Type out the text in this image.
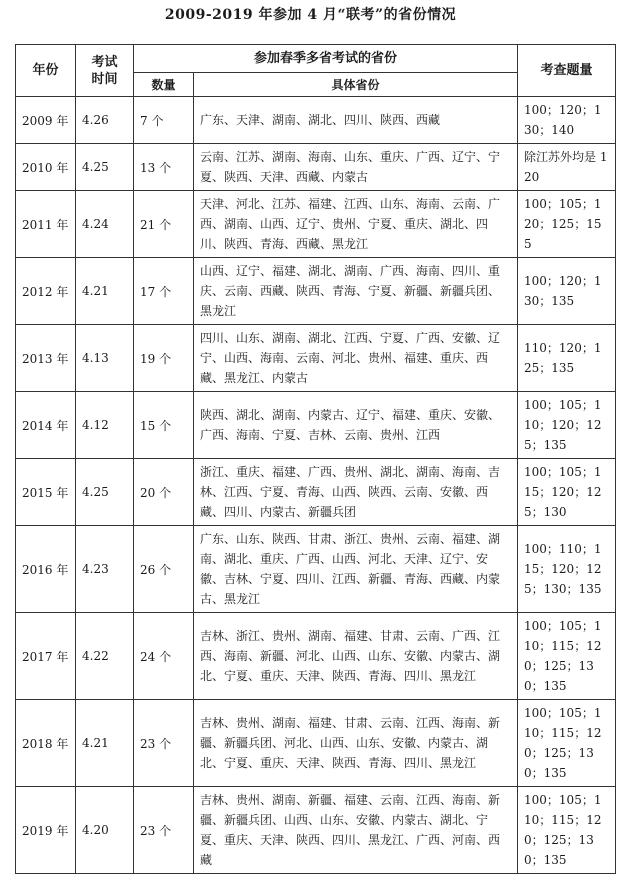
2009-2019 年参加 4 月“联考”的省份情况
年份	考试
时间	参加春季多省考试的省份		考查题量
		数量	具体省份	
2009 年	4.26	7 个	广东、天津、湖南、湖北、四川、陕西、西藏	100；120；130；140
2010 年	4.25	13 个	云南、江苏、湖南、海南、山东、重庆、广西、辽宁、宁夏、陕西、天津、西藏、内蒙古	除江苏外均是 120
2011 年	4.24	21 个	天津、河北、江苏、福建、江西、山东、海南、云南、广西、湖南、山西、辽宁、贵州、宁夏、重庆、湖北、四川、陕西、青海、西藏、黑龙江	100；105；120；125；155
2012 年	4.21	17 个	山西、辽宁、福建、湖北、湖南、广西、海南、四川、重庆、云南、西藏、陕西、青海、宁夏、新疆、新疆兵团、黑龙江	100；120；130；135
2013 年	4.13	19 个	四川、山东、湖南、湖北、江西、宁夏、广西、安徽、辽宁、山西、海南、云南、河北、贵州、福建、重庆、西藏、黑龙江、内蒙古	110；120；125；135
2014 年	4.12	15 个	陕西、湖北、湖南、内蒙古、辽宁、福建、重庆、安徽、广西、海南、宁夏、吉林、云南、贵州、江西	100；105；110；120；125；135
2015 年	4.25	20 个	浙江、重庆、福建、广西、贵州、湖北、湖南、海南、吉林、江西、宁夏、青海、山西、陕西、云南、安徽、西藏、四川、内蒙古、新疆兵团	100；105；115；120；125；130
2016 年	4.23	26 个	广东、山东、陕西、甘肃、浙江、贵州、云南、福建、湖南、湖北、重庆、广西、山西、河北、天津、辽宁、安徽、吉林、宁夏、四川、江西、新疆、青海、西藏、内蒙古、黑龙江	100；110；115；120；125；130；135
2017 年	4.22	24 个	吉林、浙江、贵州、湖南、福建、甘肃、云南、广西、江西、海南、新疆、河北、山西、山东、安徽、内蒙古、湖北、宁夏、重庆、天津、陕西、青海、四川、黑龙江	100；105；110；115；120；125；130；135
2018 年	4.21	23 个	吉林、贵州、湖南、福建、甘肃、云南、江西、海南、新疆、新疆兵团、河北、山西、山东、安徽、内蒙古、湖北、宁夏、重庆、天津、陕西、青海、四川、黑龙江	100；105；110；115；120；125；130；135
2019 年	4.20	23 个	吉林、贵州、湖南、新疆、福建、云南、江西、海南、新疆、新疆兵团、山西、山东、安徽、内蒙古、湖北、宁夏、重庆、天津、陕西、四川、黑龙江、广西、河南、西藏	100；105；110；115；120；125；130；135
